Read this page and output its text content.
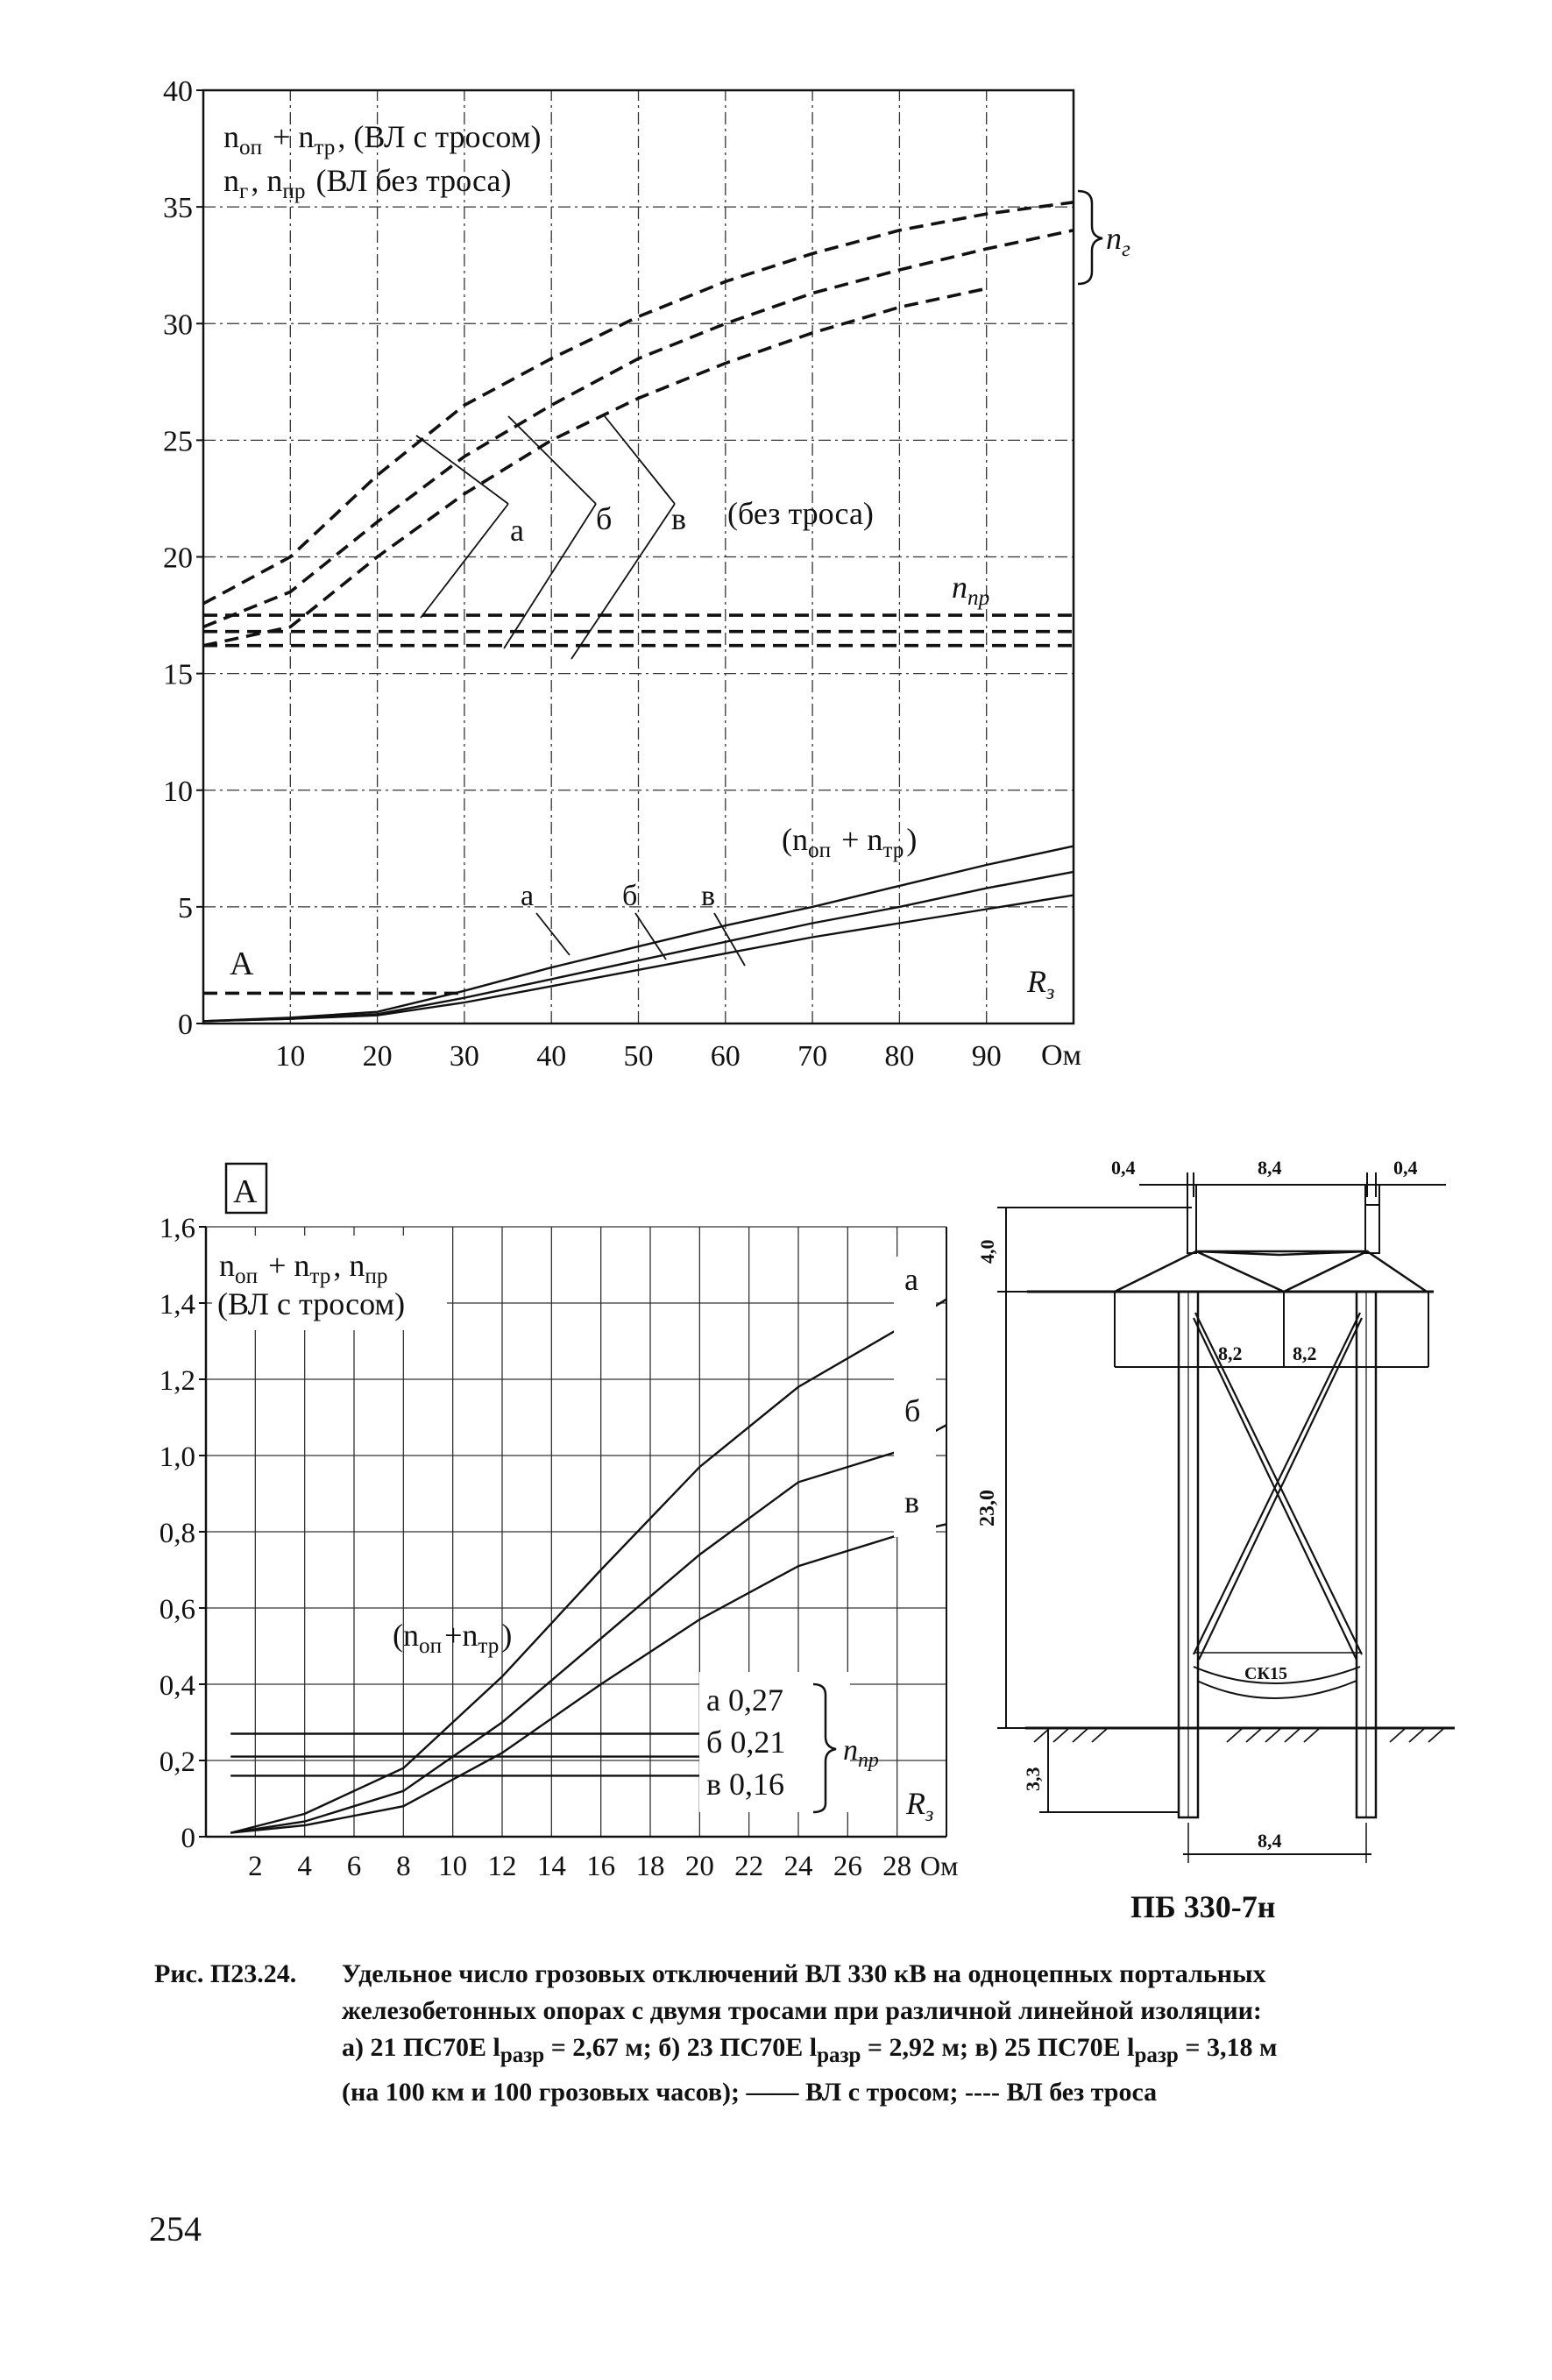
0
5
10
15
20
25
30
35
40
10 20 30 40 50 60 70 80 90
$n_{оп}$  + $n_{тр}$ , (ВЛ с тросом)
$n_г$ , $n_{пр}$  (ВЛ без троса)
$n_г$ 
а б в (без троса)
$n_{пр}$ 
($n_{оп}$  + $n_{тр}$ )
а	б в
А	$R_з$
Ом
А
0
0,2
0,4
0,6
0,8
1,0
1,2
1,4
1,6
2 4 6 8 10 12 14 16 18 20 22 24 26 28
$n_{оп}$  + $n_{тр}$ , $n_{пр}$ 
(ВЛ с тросом)
а
б
в
($n_{оп}$ $+n_{тр}$ )
а 0,27
б 0,21
в 0,16
$n_{пр}$ 
$R_з$
Ом
0,4	8,4	0,4
4,0
23,0
8,2	8,2
СК15
3,3
8,4
ПБ 330-7н
Рис. П23.24. Удельное число грозовых отключений ВЛ 330 кВ на одноцепных портальных
железобетонных опорах с двумя тросами при различной линейной изоляции:
а) 21 ПС70Е $l_{разр} = 2,67$ м; б) 23 ПС70Е $l_{разр} = 2,92$ м; в) 25 ПС70Е $l_{разр} = 3,18$ м
(на 100 км и 100 грозовых часов); —— ВЛ с тросом; ---- ВЛ без троса
254
